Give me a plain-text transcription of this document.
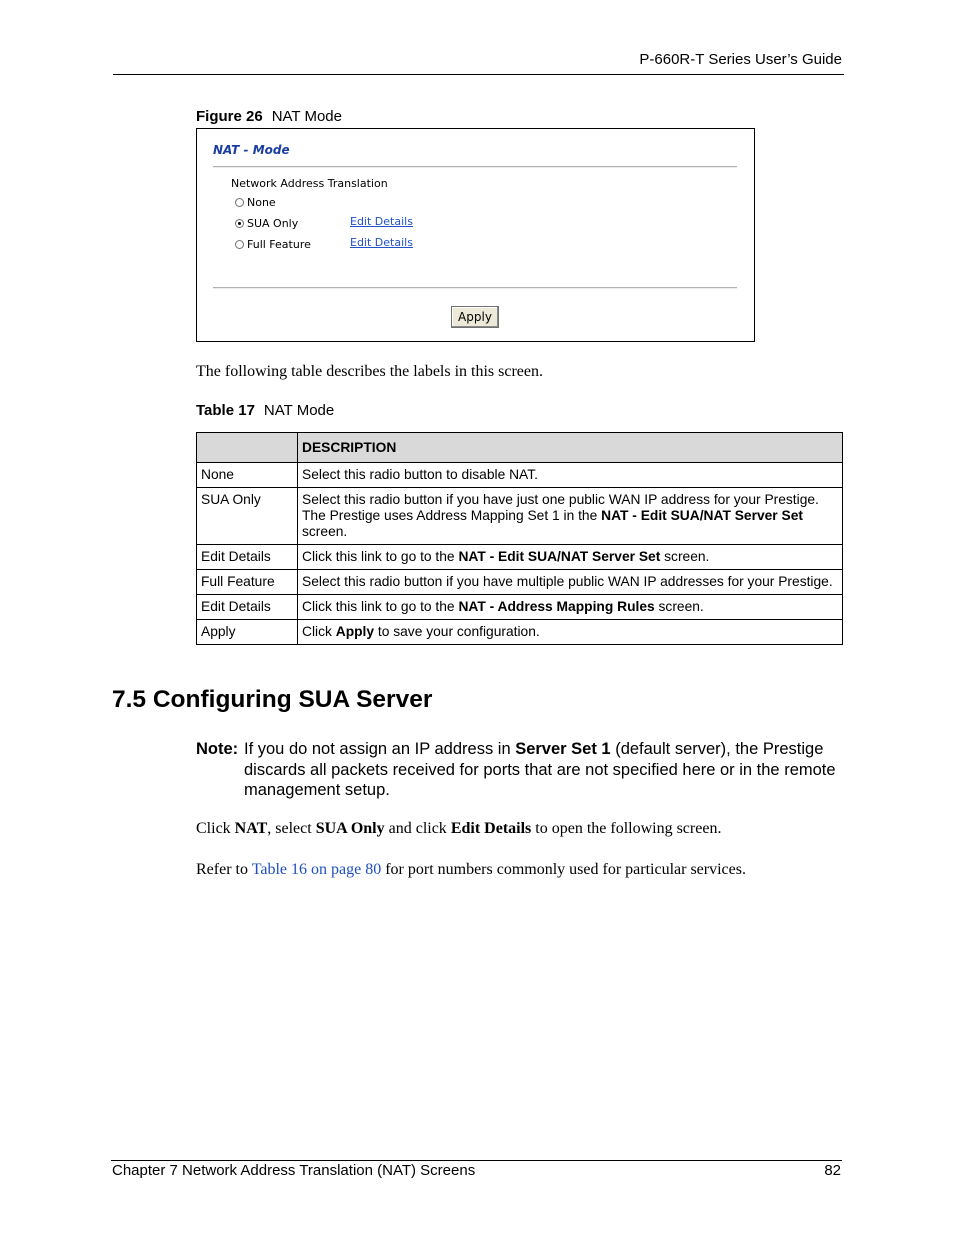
P-660R-T Series User’s Guide
Figure 26 NAT Mode
NAT - Mode
Network Address Translation
None
SUA Only	Edit Details
Full Feature	Edit Details
Apply
The following table describes the labels in this screen.
Table 17 NAT Mode
	DESCRIPTION
None	Select this radio button to disable NAT.
SUA Only	Select this radio button if you have just one public WAN IP address for your Prestige. The Prestige uses Address Mapping Set 1 in the NAT - Edit SUA/NAT Server Set screen.
Edit Details	Click this link to go to the NAT - Edit SUA/NAT Server Set screen.
Full Feature	Select this radio button if you have multiple public WAN IP addresses for your Prestige.
Edit Details	Click this link to go to the NAT - Address Mapping Rules screen.
Apply	Click Apply to save your configuration.
7.5 Configuring SUA Server
Note: If you do not assign an IP address in Server Set 1 (default server), the Prestige discards all packets received for ports that are not specified here or in the remote management setup.
Click NAT, select SUA Only and click Edit Details to open the following screen.
Refer to Table 16 on page 80 for port numbers commonly used for particular services.
Chapter 7 Network Address Translation (NAT) Screens	82
